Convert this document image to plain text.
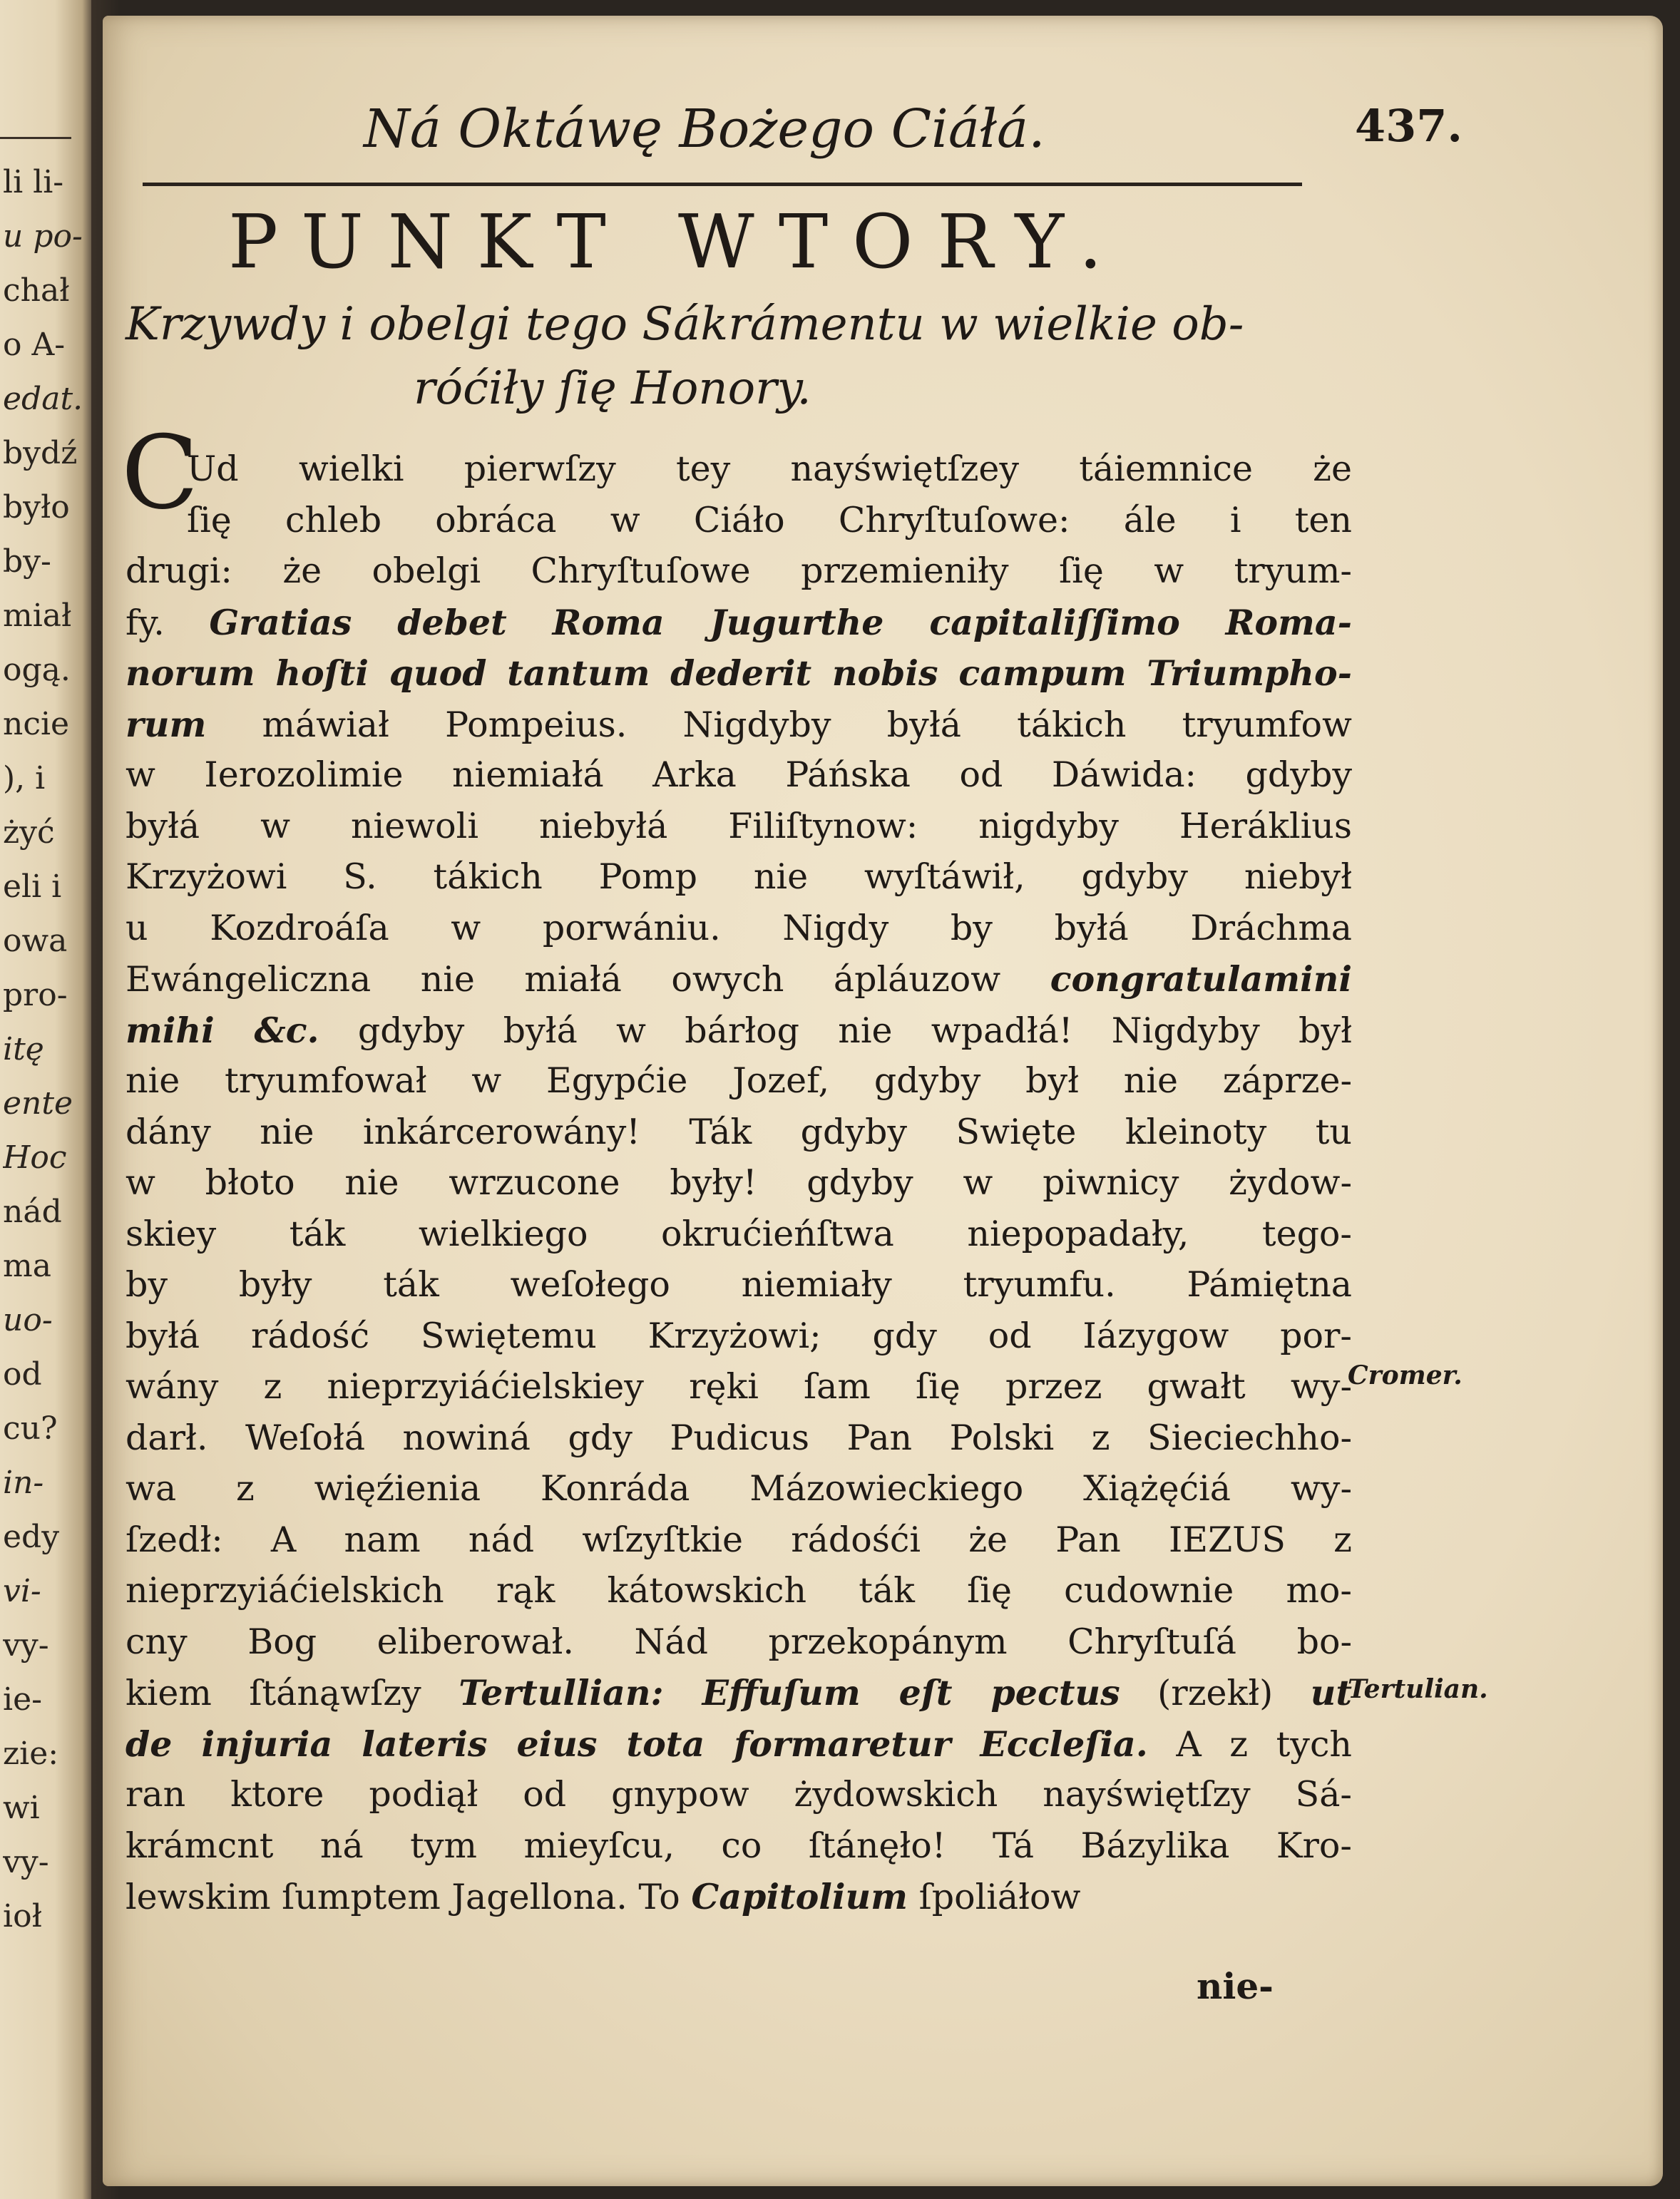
li li-
u po-
chał
o A-
edat.
bydź
było
by-
miał
ogą.
ncie
), i
żyć
eli i
owa
pro-
itę
ente
Hoc
nád
ma
uo-
od
cu?
in-
edy
vi-
vy-
ie-
zie:
wi
vy-
ioł
Ná Oktáwę Bożego Ciáłá.	437.
PUNKT WTORY.
Krzywdy i obelgi tego Sákrámentu w wielkie ob-
róćiły ſię Honory.
C
Ud wielki pierwſzy tey nayświętſzey táiemnice że
ſię chleb obráca w Ciáło Chryſtuſowe: ále i ten
drugi: że obelgi Chryſtuſowe przemieniły ſię w tryum-
fy. Gratias debet Roma Jugurthe capitaliſſimo Roma-
norum hoſti quod tantum dederit nobis campum Triumpho-
rum máwiał Pompeius. Nigdyby byłá tákich tryumfow
w Ierozolimie niemiałá Arka Páńska od Dáwida: gdyby
byłá w niewoli niebyłá Filiſtynow: nigdyby Heráklius
Krzyżowi S. tákich Pomp nie wyſtáwił, gdyby niebył
u Kozdroáſa w porwániu. Nigdy by byłá Dráchma
Ewángeliczna nie miałá owych ápláuzow congratulamini
mihi &c. gdyby byłá w bárłog nie wpadłá! Nigdyby był
nie tryumfował w Egypćie Jozef, gdyby był nie záprze-
dány nie inkárcerowány! Ták gdyby Swięte kleinoty tu
w błoto nie wrzucone były! gdyby w piwnicy żydow-
skiey ták wielkiego okrućieńſtwa niepopadały, tego-
by były ták weſołego niemiały tryumfu. Pámiętna
byłá rádość Swiętemu Krzyżowi; gdy od Iázygow por-
wány z nieprzyiáćielskiey ręki ſam ſię przez gwałt wy-
darł. Weſołá nowiná gdy Pudicus Pan Polski z Sieciechho-
wa z więźienia Konráda Mázowieckiego Xiążęćiá wy-
ſzedł: A nam nád wſzyſtkie rádośći że Pan IEZUS z
nieprzyiáćielskich rąk kátowskich ták ſię cudownie mo-
cny Bog eliberował. Nád przekopánym Chryſtuſá bo-
kiem ſtánąwſzy Tertullian: Effuſum eſt pectus (rzekł) ut
de injuria lateris eius tota formaretur Eccleſia. A z tych
ran ktore podiął od gnypow żydowskich nayświętſzy Sá-
krámcnt ná tym mieyſcu, co ſtánęło! Tá Bázylika Kro-
lewskim ſumptem Jagellona. To Capitolium ſpoliáłow
Cromer.
Tertulian.
nie-
